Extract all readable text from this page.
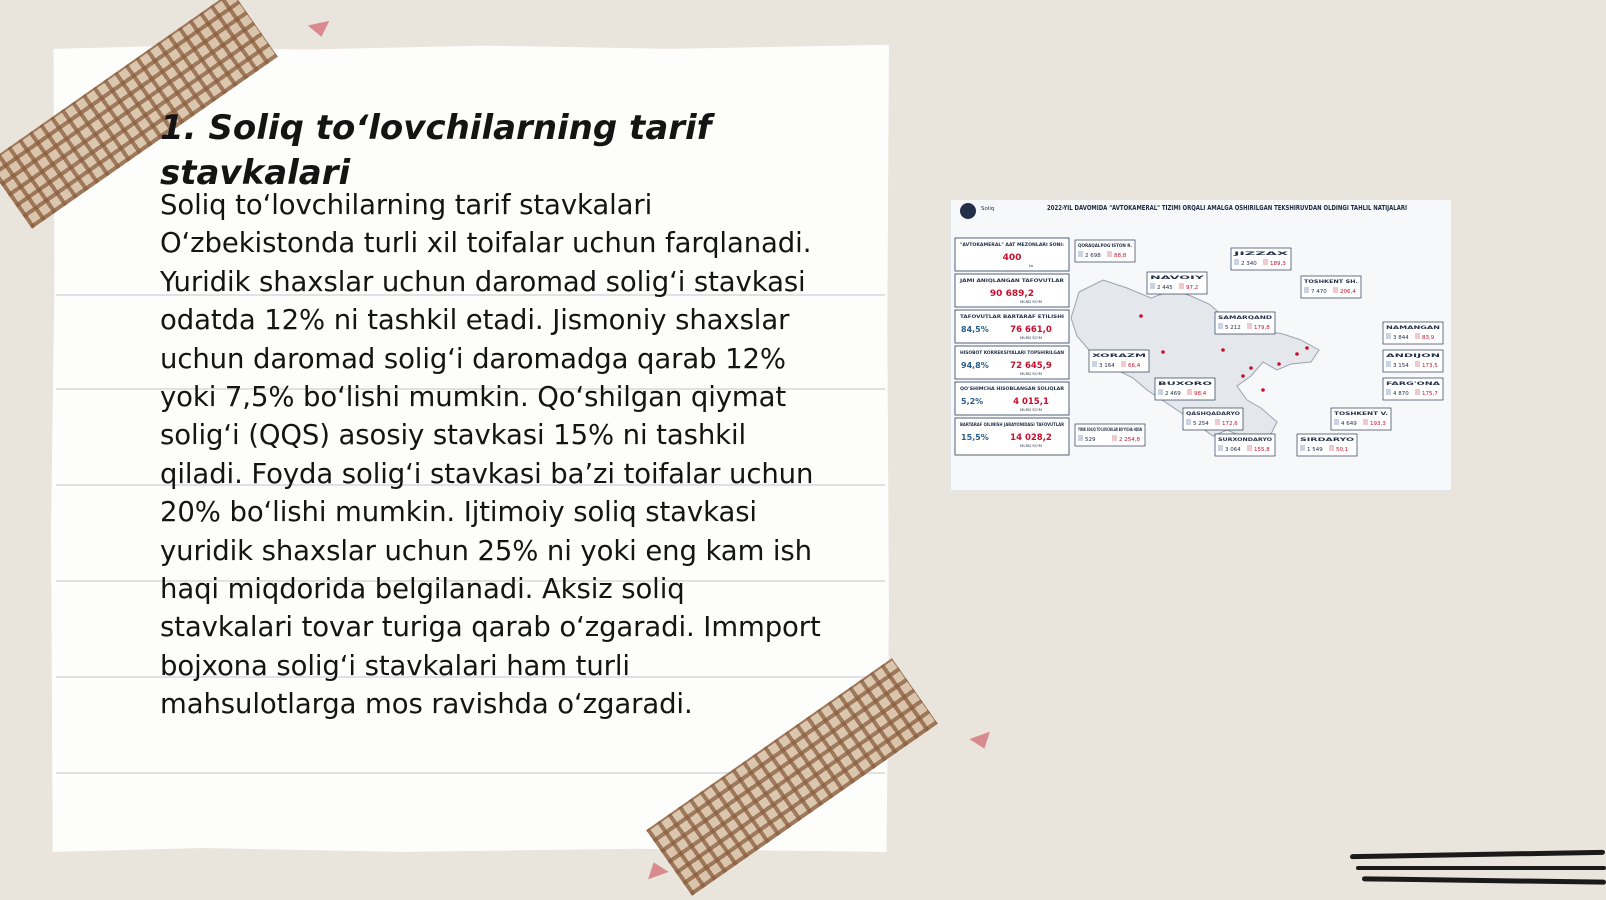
1. Soliq to‘lovchilarning tarif stavkalari

Soliq to‘lovchilarning tarif stavkalari O‘zbekistonda turli xil toifalar uchun farqlanadi. Yuridik shaxslar uchun daromad solig‘i stavkasi odatda 12% ni tashkil etadi. Jismoniy shaxslar uchun daromad solig‘i daromadga qarab 12% yoki 7,5% bo‘lishi mumkin. Qo‘shilgan qiymat solig‘i (QQS) asosiy stavkasi 15% ni tashkil qiladi. Foyda solig‘i stavkasi ba’zi toifalar uchun 20% bo‘lishi mumkin. Ijtimoiy soliq stavkasi yuridik shaxslar uchun 25% ni yoki eng kam ish haqi miqdorida belgilanadi. Aksiz soliq stavkalari tovar turiga qarab o‘zgaradi. Immport bojxona solig‘i stavkalari ham turli mahsulotlarga mos ravishda o‘zgaradi.

Soliq	2022-YIL DAVOMIDA "AVTOKAMERAL" TIZIMI ORQALI AMALGA OSHIRILGAN TEKSHIRUVDAN OLDINGI TAHLIL NATIJALARI
"AVTOKAMERAL" AAT MEZONLARI SONI:
400
ta
JAMI ANIQLANGAN TAFOVUTLAR
90 689,2
MLRD SO'M
TAFOVUTLAR BARTARAF ETILISHI
84,5%	76 661,0
MLRD SO'M
HISOBOT KORREKSIYALARI TOPSHIRILGAN
94,8%	72 645,9
MLRD SO'M
QO'SHIMCHA HISOBLANGAN SOLIQLAR
5,2%	4 015,1
MLRD SO'M
BARTARAF QILINISH JARAYONIDAGI TAFOVUTLAR
15,5%	14 028,2
MLRD SO'M
QORAQALPOG'ISTON R.
2 698 88,8	JIZZAX
2 340 189,3
NAVOIY
2 445 97,2
TOSHKENT SH.
7 470 206,4
SAMARQAND
5 212 179,8	NAMANGAN
3 844 83,9
XORAZM
3 164 66,4
ANDIJON
3 154 173,5
BUXORO
2 469 98,4
FARG'ONA
4 870 175,7
QASHQADARYO
5 254 172,6
TOSHKENT V.
4 649 193,3
SURXONDARYO
3 064 155,8
SIRDARYO
1 549 50,1
YIRIK SOLIQ TO'LOVCHILAR BO'YICHA HDSN
529	2 254,8
